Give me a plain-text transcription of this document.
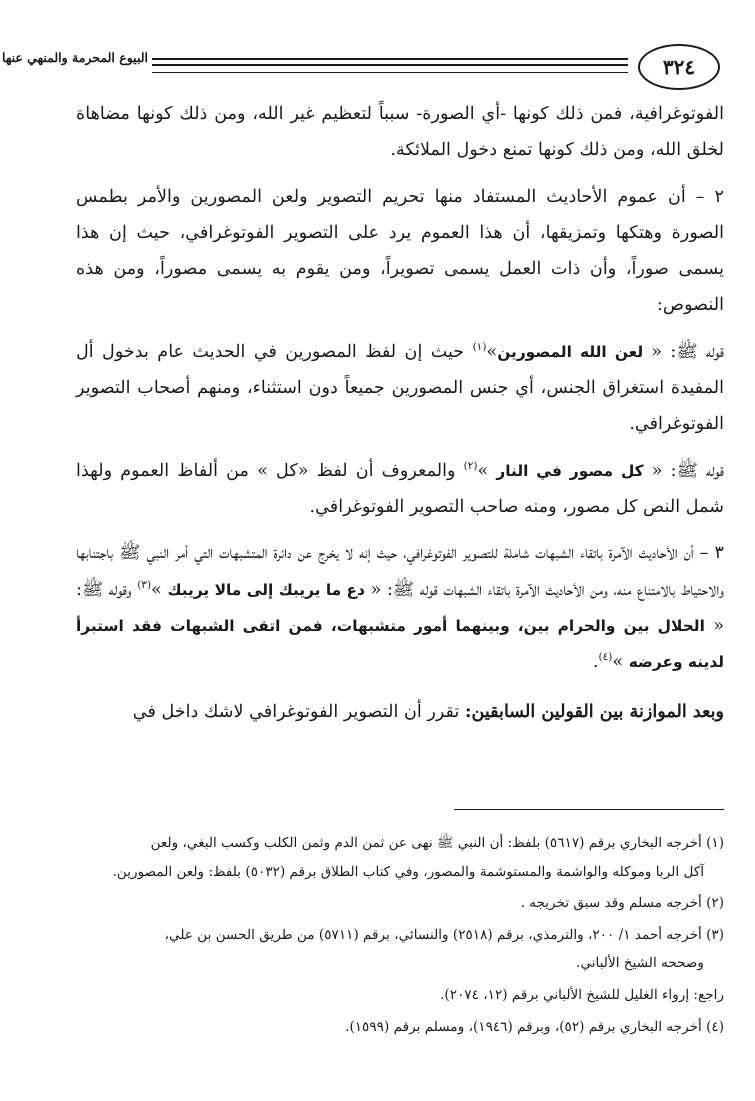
٣٢٤
البيوع المحرمة والمنهي عنها

الفوتوغرافية، فمن ذلك كونها -أي الصورة- سبباً لتعظيم غير الله، ومن ذلك كونها مضاهاة لخلق الله، ومن ذلك كونها تمنع دخول الملائكة.

٢ – أن عموم الأحاديث المستفاد منها تحريم التصوير ولعن المصورين والأمر بطمس الصورة وهتكها وتمزيقها، أن هذا العموم يرد على التصوير الفوتوغرافي، حيث إن هذا يسمى صوراً، وأن ذات العمل يسمى تصويراً، ومن يقوم به يسمى مصوراً، ومن هذه النصوص:

قوله ﷺ: « لعن الله المصورين»$^{(١)}$ حيث إن لفظ المصورين في الحديث عام بدخول أل المفيدة استغراق الجنس، أي جنس المصورين جميعاً دون استثناء، ومنهم أصحاب التصوير الفوتوغرافي.

قوله ﷺ: « كل مصور في النار »$^{(٢)}$ والمعروف أن لفظ «كل » من ألفاظ العموم ولهذا شمل النص كل مصور، ومنه صاحب التصوير الفوتوغرافي.

٣ – أن الأحاديث الآمرة باتقاء الشبهات شاملة للتصوير الفوتوغرافي، حيث إنه لا يخرج عن دائرة المتشبهات التي أمر النبي ﷺ باجتنابها والاحتياط بالامتناع منه، ومن الأحاديث الآمرة باتقاء الشبهات قوله ﷺ: « دع ما يريبك إلى مالا يريبك »$^{(٣)}$ وقوله ﷺ: « الحلال بين والحرام بين، وبينهما أمور متشبهات، فمن اتقى الشبهات فقد استبرأ لدينه وعرضه »$^{(٤)}$.

وبعد الموازنة بين القولين السابقين: تقرر أن التصوير الفوتوغرافي لاشك داخل في

(١) أخرجه البخاري برقم (٥٦١٧) بلفظ: أن النبي ﷺ نهى عن ثمن الدم وثمن الكلب وكسب البغي، ولعن
آكل الربا وموكله والواشمة والمستوشمة والمصور، وفي كتاب الطلاق برقم (٥٠٣٢) بلفظ: ولعن المصورين.

(٢) أخرجه مسلم وقد سبق تخريجه .

(٣) أخرجه أحمد ١/ ٢٠٠، والترمذي، برقم (٢٥١٨) والنسائي، برقم (٥٧١١) من طريق الحسن بن علي،
وصححه الشيخ الألباني.

راجع: إرواء الغليل للشيخ الألباني برقم (١٢، ٢٠٧٤).

(٤) أخرجه البخاري برقم (٥٢)، وبرقم (١٩٤٦)، ومسلم برقم (١٥٩٩).
